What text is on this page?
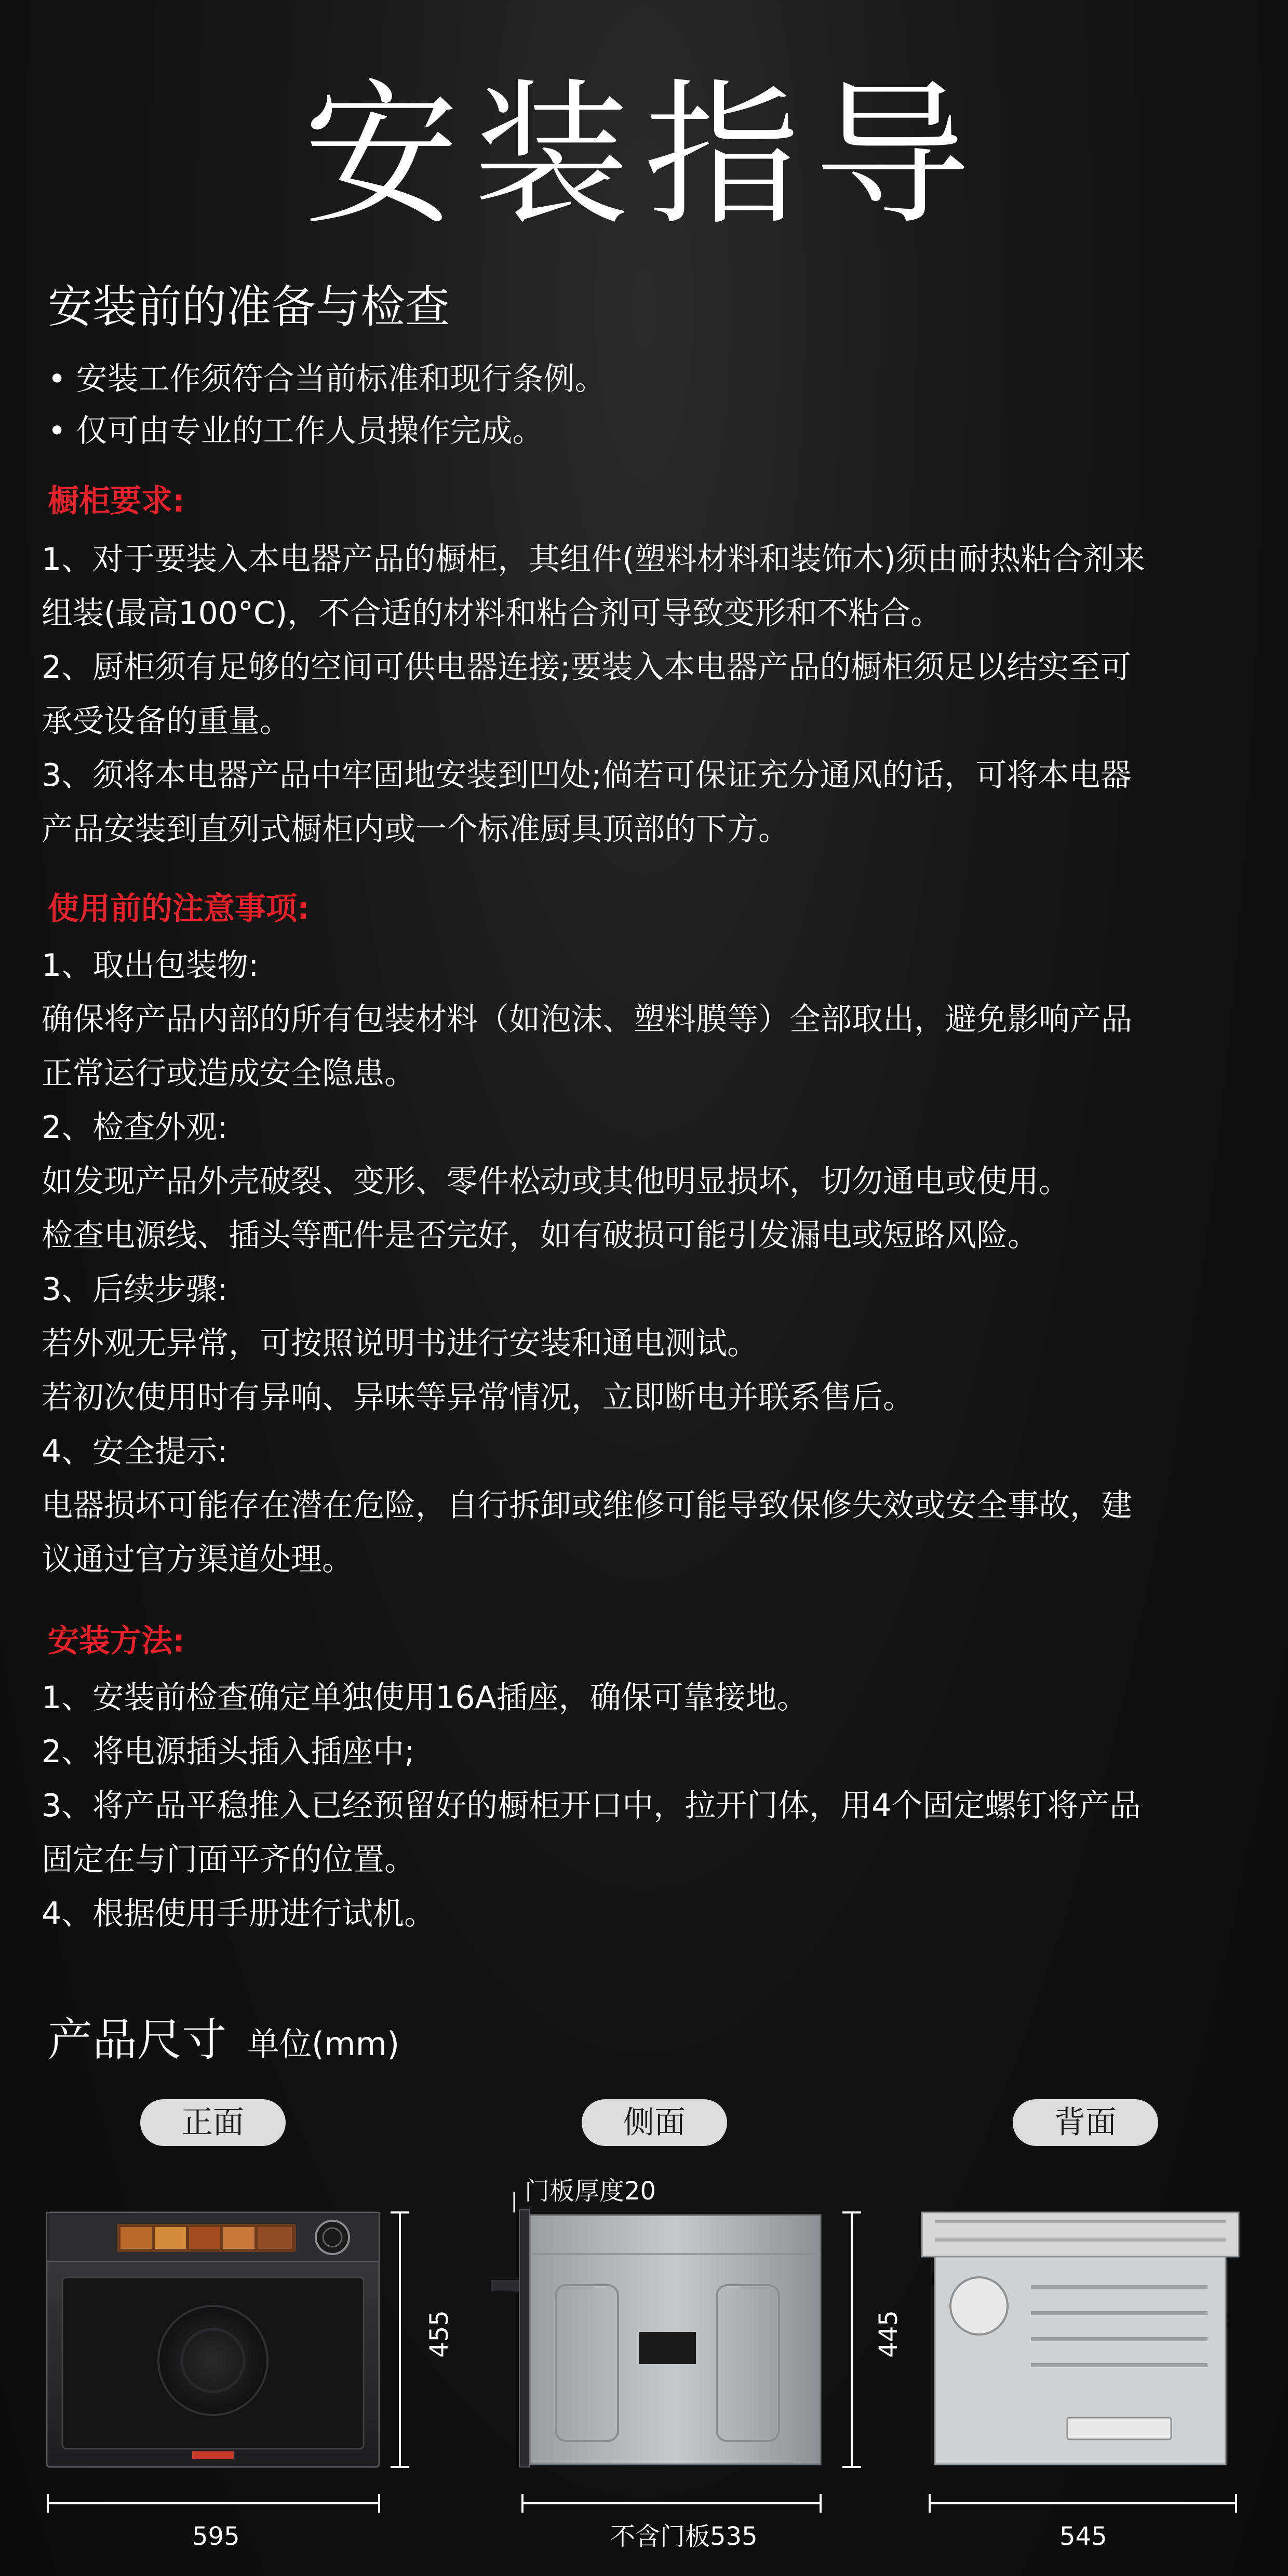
安装指导
安装前的准备与检查
• 安装工作须符合当前标准和现行条例。
• 仅可由专业的工作人员操作完成。
橱柜要求:
1、对于要装入本电器产品的橱柜，其组件(塑料材料和装饰木)须由耐热粘合剂来
组装(最高100°C)，不合适的材料和粘合剂可导致变形和不粘合。
2、厨柜须有足够的空间可供电器连接;要装入本电器产品的橱柜须足以结实至可
承受设备的重量。
3、须将本电器产品中牢固地安装到凹处;倘若可保证充分通风的话，可将本电器
产品安装到直列式橱柜内或一个标准厨具顶部的下方。
使用前的注意事项:
1、取出包装物:
确保将产品内部的所有包装材料（如泡沫、塑料膜等）全部取出，避免影响产品
正常运行或造成安全隐患。
2、检查外观:
如发现产品外壳破裂、变形、零件松动或其他明显损坏，切勿通电或使用。
检查电源线、插头等配件是否完好，如有破损可能引发漏电或短路风险。
3、后续步骤:
若外观无异常，可按照说明书进行安装和通电测试。
若初次使用时有异响、异味等异常情况，立即断电并联系售后。
4、安全提示:
电器损坏可能存在潜在危险，自行拆卸或维修可能导致保修失效或安全事故，建
议通过官方渠道处理。
安装方法:
1、安装前检查确定单独使用16A插座，确保可靠接地。
2、将电源插头插入插座中;
3、将产品平稳推入已经预留好的橱柜开口中，拉开门体，用4个固定螺钉将产品
固定在与门面平齐的位置。
4、根据使用手册进行试机。
产品尺寸 单位(mm)
正面	侧面	背面
595
455
门板厚度20
不含门板535
445
545
